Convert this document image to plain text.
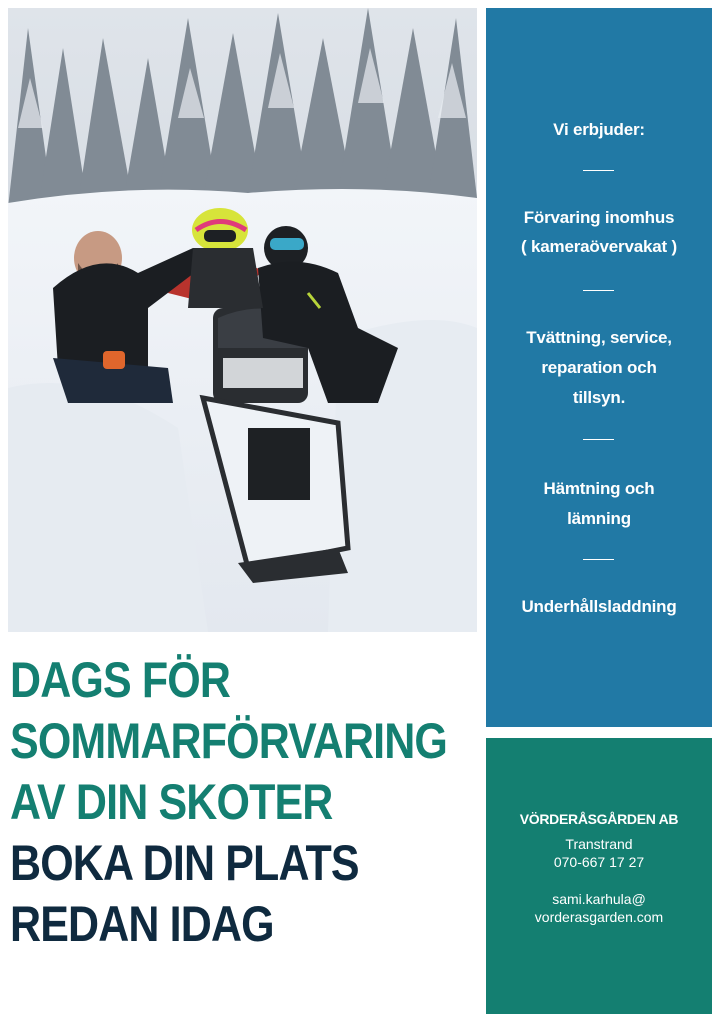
DAGS FÖR
SOMMARFÖRVARING
AV DIN SKOTER
BOKA DIN PLATS
REDAN IDAG
Vi erbjuder:
Förvaring inomhus
( kameraövervakat )
Tvättning, service,
reparation och
tillsyn.
Hämtning och
lämning
Underhållsladdning
VÖRDERÅSGÅRDEN AB
Transtrand
070-667 17 27
sami.karhula@
vorderasgarden.com
